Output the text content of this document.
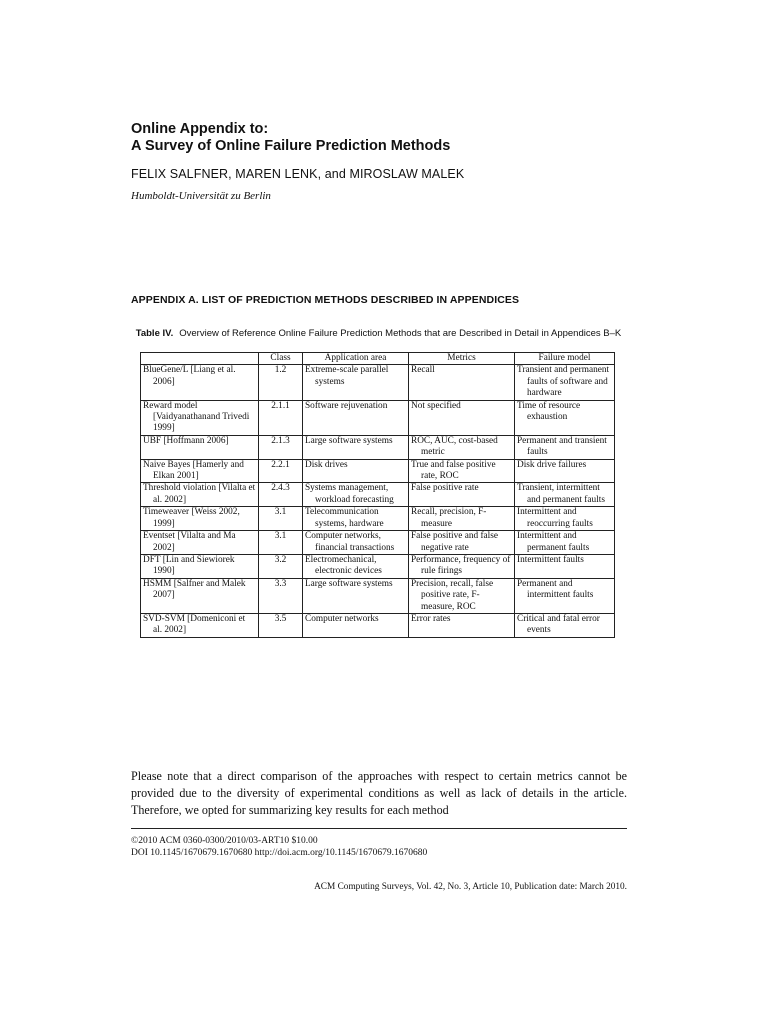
Online Appendix to:
A Survey of Online Failure Prediction Methods
FELIX SALFNER, MAREN LENK, and MIROSLAW MALEK
Humboldt-Universität zu Berlin
APPENDIX A. LIST OF PREDICTION METHODS DESCRIBED IN APPENDICES
Table IV. Overview of Reference Online Failure Prediction Methods that are Described in Detail in Appendices B–K
	Class	Application area	Metrics	Failure model

BlueGene/L [Liang et al. 2006]	1.2	Extreme-scale parallel systems	Recall	Transient and permanent faults of software and hardware

Reward model [Vaidyanathanand Trivedi 1999]	2.1.1	Software rejuvenation	Not specified	Time of resource exhaustion

UBF [Hoffmann 2006]	2.1.3	Large software systems	ROC, AUC, cost-based metric	Permanent and transient faults

Naive Bayes [Hamerly and Elkan 2001]	2.2.1	Disk drives	True and false positive rate, ROC	Disk drive failures

Threshold violation [Vilalta et al. 2002]	2.4.3	Systems management, workload forecasting	False positive rate	Transient, intermittent and permanent faults

Timeweaver [Weiss 2002, 1999]	3.1	Telecommunication systems, hardware	Recall, precision, F-measure	Intermittent and reoccurring faults

Eventset [Vilalta and Ma 2002]	3.1	Computer networks, financial transactions	False positive and false negative rate	Intermittent and permanent faults

DFT [Lin and Siewiorek 1990]	3.2	Electromechanical, electronic devices	Performance, frequency of rule firings	Intermittent faults

HSMM [Salfner and Malek 2007]	3.3	Large software systems	Precision, recall, false positive rate, F-measure, ROC	Permanent and intermittent faults

SVD-SVM [Domeniconi et al. 2002]	3.5	Computer networks	Error rates	Critical and fatal error events
Please note that a direct comparison of the approaches with respect to certain metrics cannot be provided due to the diversity of experimental conditions as well as lack of details in the article. Therefore, we opted for summarizing key results for each method
©2010 ACM 0360-0300/2010/03-ART10 $10.00
DOI 10.1145/1670679.1670680 http://doi.acm.org/10.1145/1670679.1670680
ACM Computing Surveys, Vol. 42, No. 3, Article 10, Publication date: March 2010.
